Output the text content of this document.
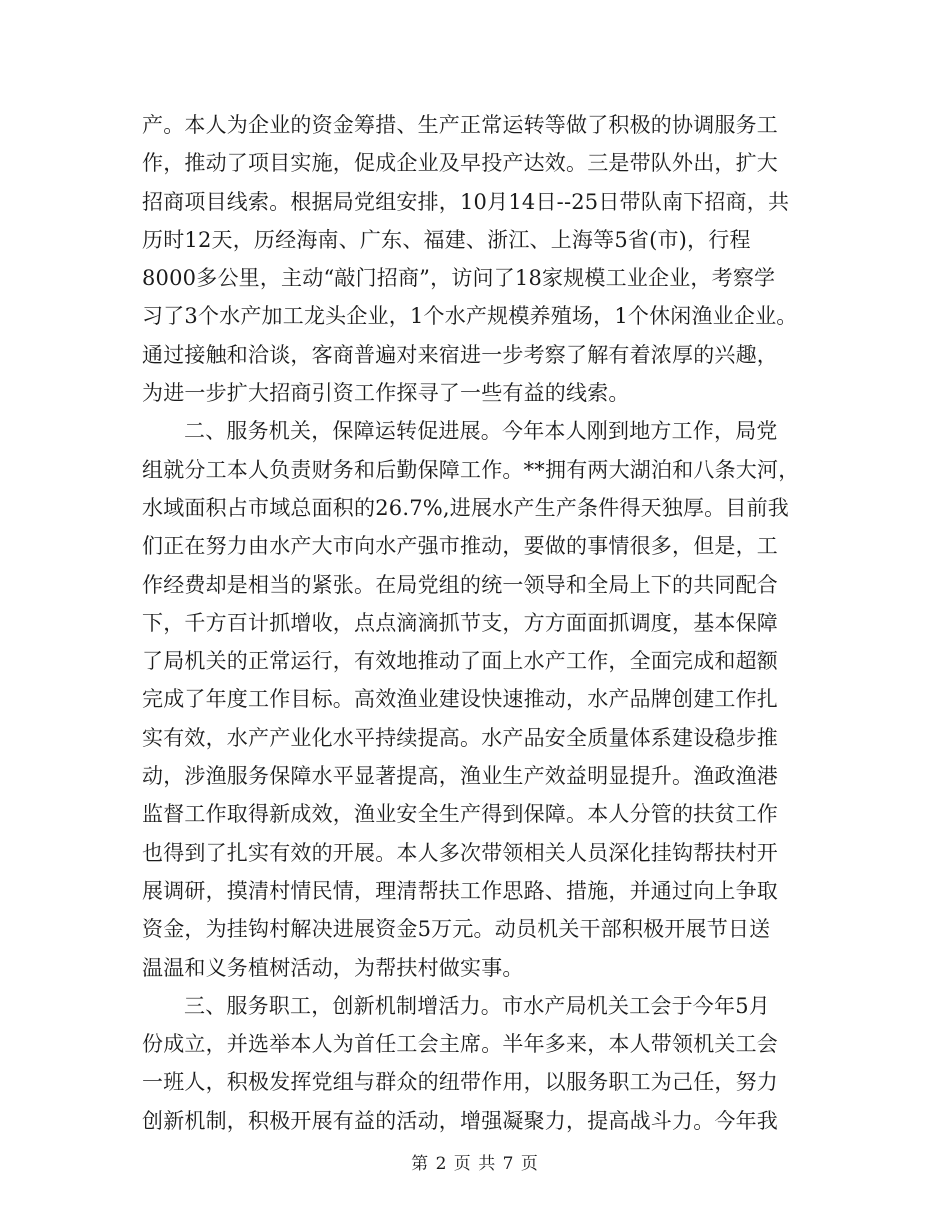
产。本人为企业的资金筹措、生产正常运转等做了积极的协调服务工
作，推动了项目实施，促成企业及早投产达效。三是带队外出，扩大
招商项目线索。根据局党组安排，10月14日--25日带队南下招商，共
历时12天，历经海南、广东、福建、浙江、上海等5省(市)，行程
8000多公里，主动“敲门招商”，访问了18家规模工业企业，考察学
习了3个水产加工龙头企业，1个水产规模养殖场，1个休闲渔业企业。
通过接触和洽谈，客商普遍对来宿进一步考察了解有着浓厚的兴趣，
为进一步扩大招商引资工作探寻了一些有益的线索。
二、服务机关，保障运转促进展。今年本人刚到地方工作，局党
组就分工本人负责财务和后勤保障工作。**拥有两大湖泊和八条大河，
水域面积占市域总面积的26.7%,进展水产生产条件得天独厚。目前我
们正在努力由水产大市向水产强市推动，要做的事情很多，但是，工
作经费却是相当的紧张。在局党组的统一领导和全局上下的共同配合
下，千方百计抓增收，点点滴滴抓节支，方方面面抓调度，基本保障
了局机关的正常运行，有效地推动了面上水产工作，全面完成和超额
完成了年度工作目标。高效渔业建设快速推动，水产品牌创建工作扎
实有效，水产产业化水平持续提高。水产品安全质量体系建设稳步推
动，涉渔服务保障水平显著提高，渔业生产效益明显提升。渔政渔港
监督工作取得新成效，渔业安全生产得到保障。本人分管的扶贫工作
也得到了扎实有效的开展。本人多次带领相关人员深化挂钩帮扶村开
展调研，摸清村情民情，理清帮扶工作思路、措施，并通过向上争取
资金，为挂钩村解决进展资金5万元。动员机关干部积极开展节日送
温温和义务植树活动，为帮扶村做实事。
三、服务职工，创新机制增活力。市水产局机关工会于今年5月
份成立，并选举本人为首任工会主席。半年多来，本人带领机关工会
一班人，积极发挥党组与群众的纽带作用，以服务职工为己任，努力
创新机制，积极开展有益的活动，增强凝聚力，提高战斗力。今年我
第 2 页 共 7 页
